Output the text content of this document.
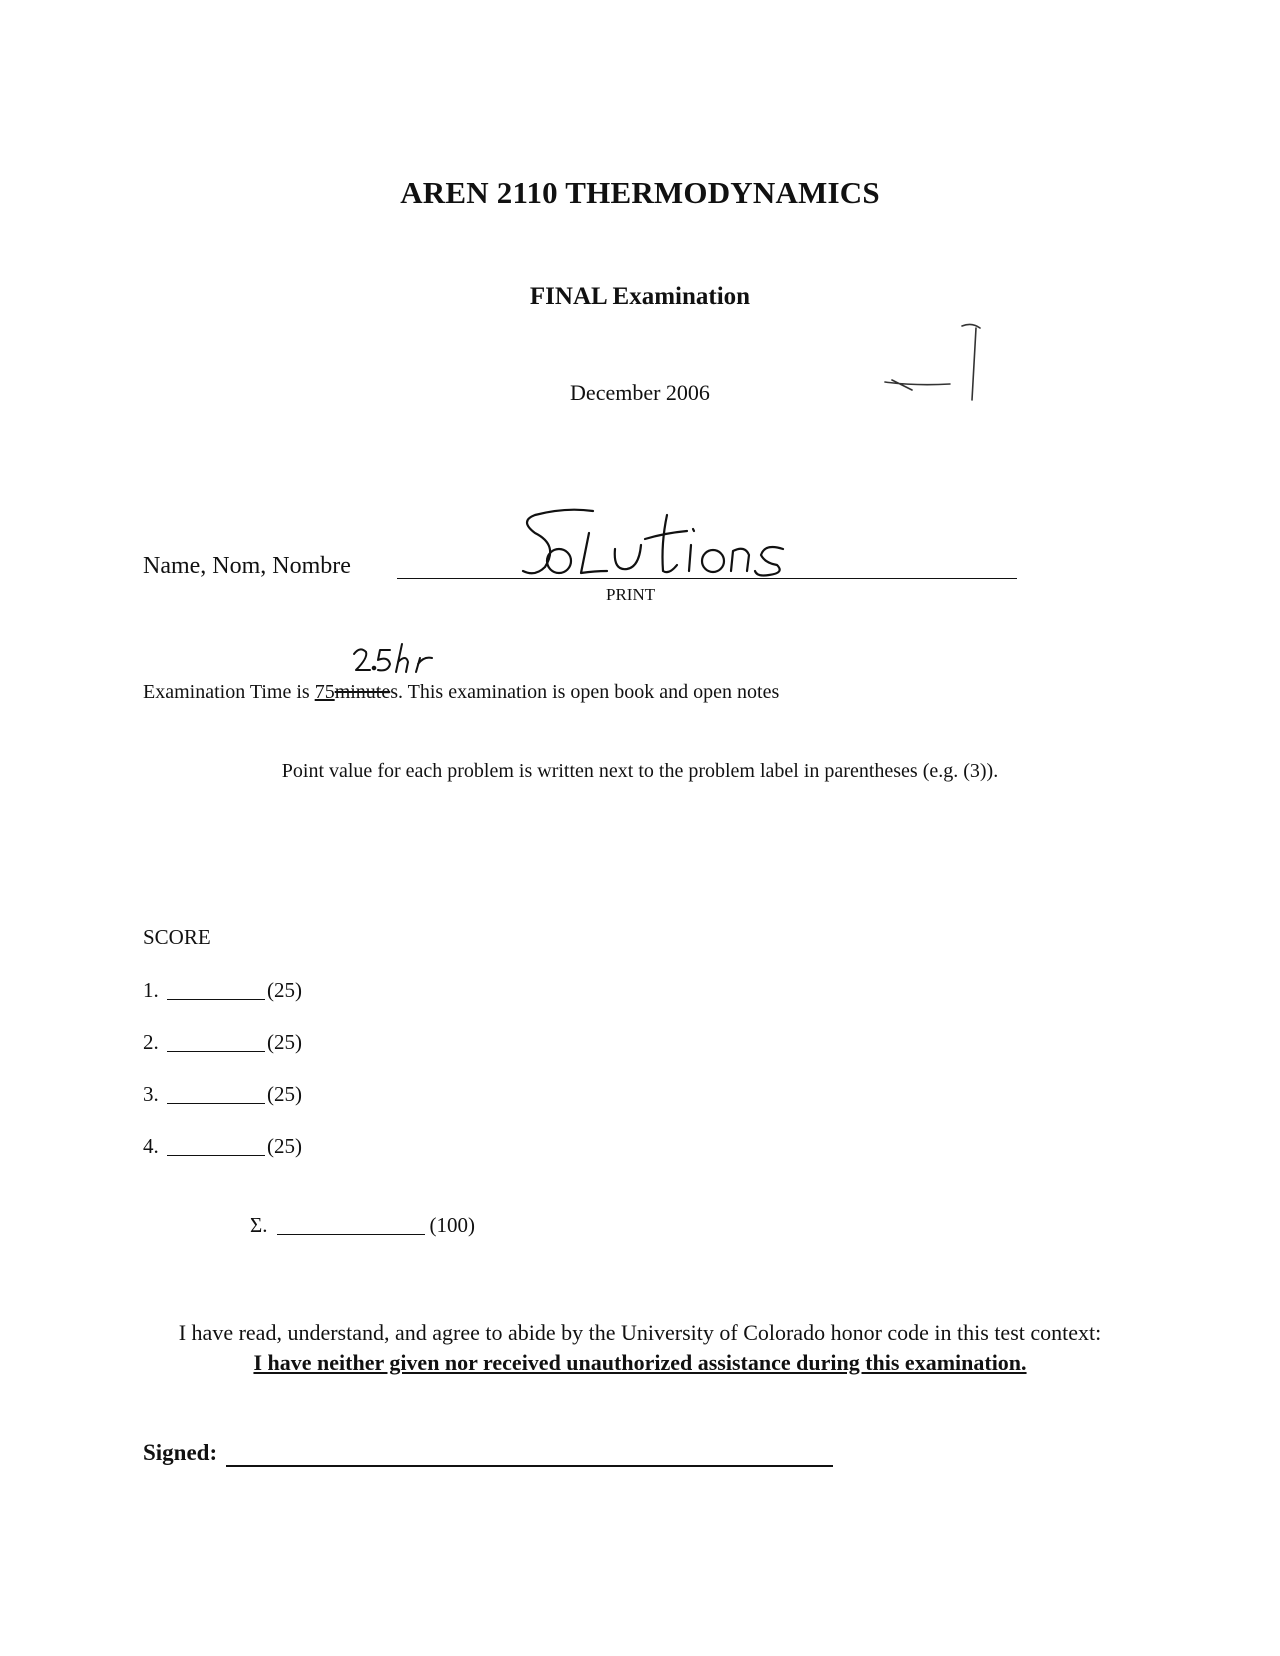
AREN 2110 THERMODYNAMICS
FINAL Examination
December 2006
Name, Nom, Nombre
PRINT
Examination Time is 75minutes. This examination is open book and open notes
Point value for each problem is written next to the problem label in parentheses (e.g. (3)).
SCORE
1.	(25)
2.	(25)
3.	(25)
4.	(25)
Σ.	(100)
I have read, understand, and agree to abide by the University of Colorado honor code in this test context:
I have neither given nor received unauthorized assistance during this examination.
Signed:
